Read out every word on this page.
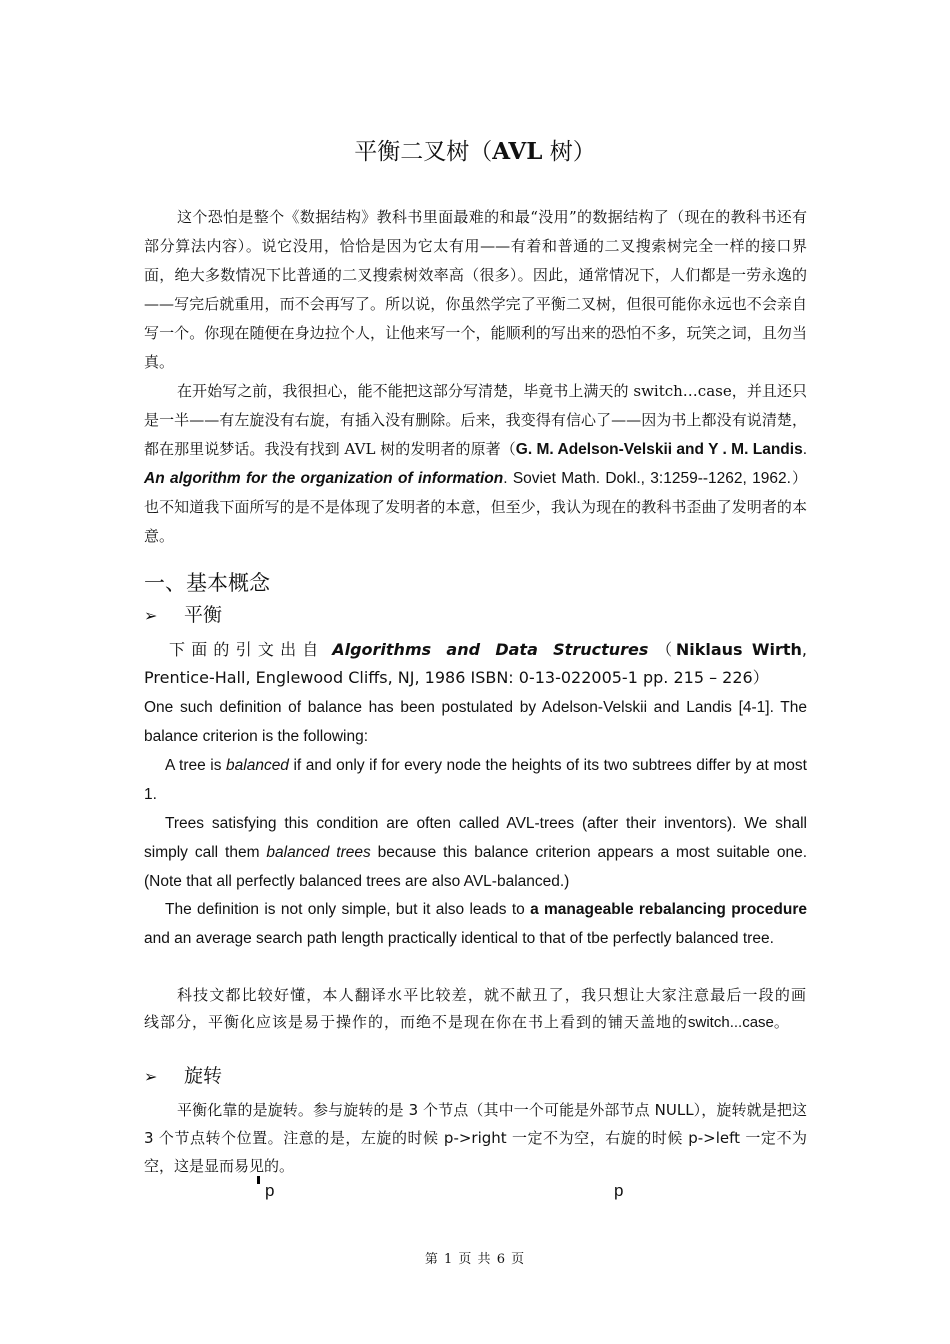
平衡二叉树（AVL 树）

这个恐怕是整个《数据结构》教科书里面最难的和最“没用”的数据结构了（现在的教科书还有部分算法内容）。说它没用，恰恰是因为它太有用——有着和普通的二叉搜索树完全一样的接口界面，绝大多数情况下比普通的二叉搜索树效率高（很多）。因此，通常情况下，人们都是一劳永逸的——写完后就重用，而不会再写了。所以说，你虽然学完了平衡二叉树，但很可能你永远也不会亲自写一个。你现在随便在身边拉个人，让他来写一个，能顺利的写出来的恐怕不多，玩笑之词，且勿当真。

在开始写之前，我很担心，能不能把这部分写清楚，毕竟书上满天的 switch…case，并且还只是一半——有左旋没有右旋，有插入没有删除。后来，我变得有信心了——因为书上都没有说清楚，都在那里说梦话。我没有找到 AVL 树的发明者的原著（G. M. Adelson-Velskii and Y . M. Landis. An algorithm for the organization of information. Soviet Math. Dokl., 3:1259--1262, 1962.）也不知道我下面所写的是不是体现了发明者的本意，但至少，我认为现在的教科书歪曲了发明者的本意。

一、基本概念
➢ 平衡

下面的引文出自 Algorithms and Data Structures （Niklaus Wirth, Prentice-Hall, Englewood Cliffs, NJ, 1986 ISBN: 0-13-022005-1 pp. 215 – 226）

One such definition of balance has been postulated by Adelson-Velskii and Landis [4-1]. The balance criterion is the following:

A tree is balanced if and only if for every node the heights of its two subtrees differ by at most 1.

Trees satisfying this condition are often called AVL-trees (after their inventors). We shall simply call them balanced trees because this balance criterion appears a most suitable one. (Note that all perfectly balanced trees are also AVL-balanced.)

The definition is not only simple, but it also leads to a manageable rebalancing procedure and an average search path length practically identical to that of tbe perfectly balanced tree.

科技文都比较好懂，本人翻译水平比较差，就不献丑了，我只想让大家注意最后一段的画线部分，平衡化应该是易于操作的，而绝不是现在你在书上看到的铺天盖地的switch...case。

➢ 旋转

平衡化靠的是旋转。参与旋转的是 3 个节点（其中一个可能是外部节点 NULL），旋转就是把这 3 个节点转个位置。注意的是，左旋的时候 p->right 一定不为空，右旋的时候 p->left 一定不为空，这是显而易见的。

p	p
第 1 页 共 6 页
